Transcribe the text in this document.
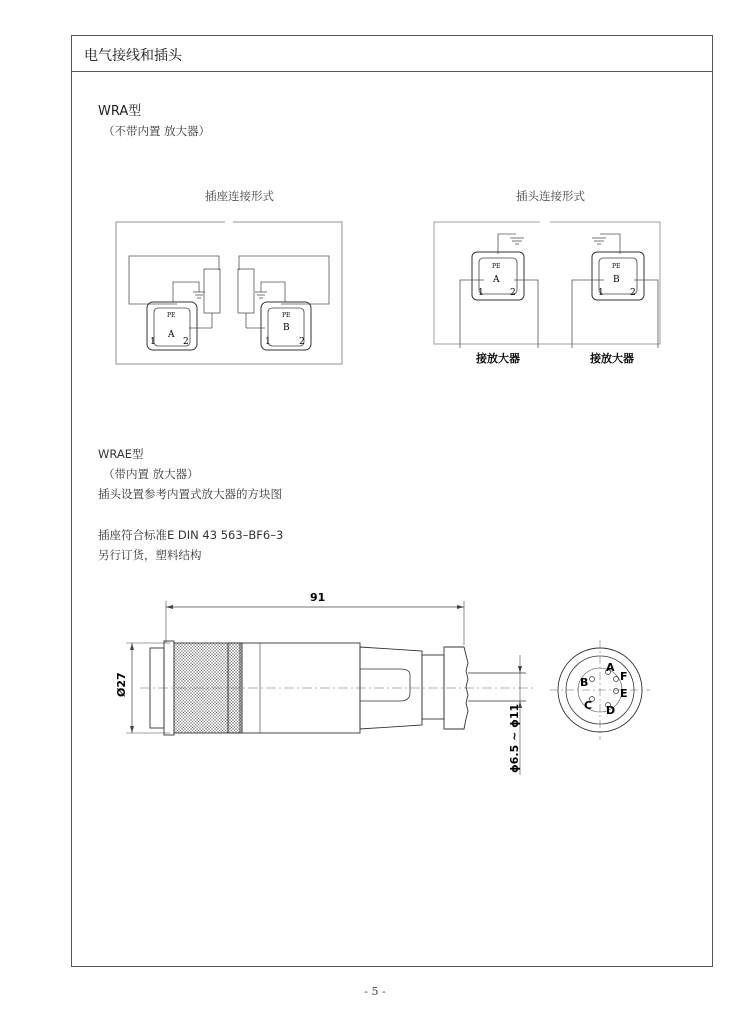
电气接线和插头
WRA型
（不带内置 放大器）
插座连接形式	插头连接形式
PE
A
1	2
PE
B
1	2
PE
A
1	2
PE
B
1	2
接放大器	接放大器
WRAE型
（带内置 放大器）
插头设置参考内置式放大器的方块图
插座符合标准E DIN 43 563–BF6–3
另行订货，塑料结构
91
Ø27
ϕ6.5 ~ ϕ11
A
B
C D
E
F
- 5 -
